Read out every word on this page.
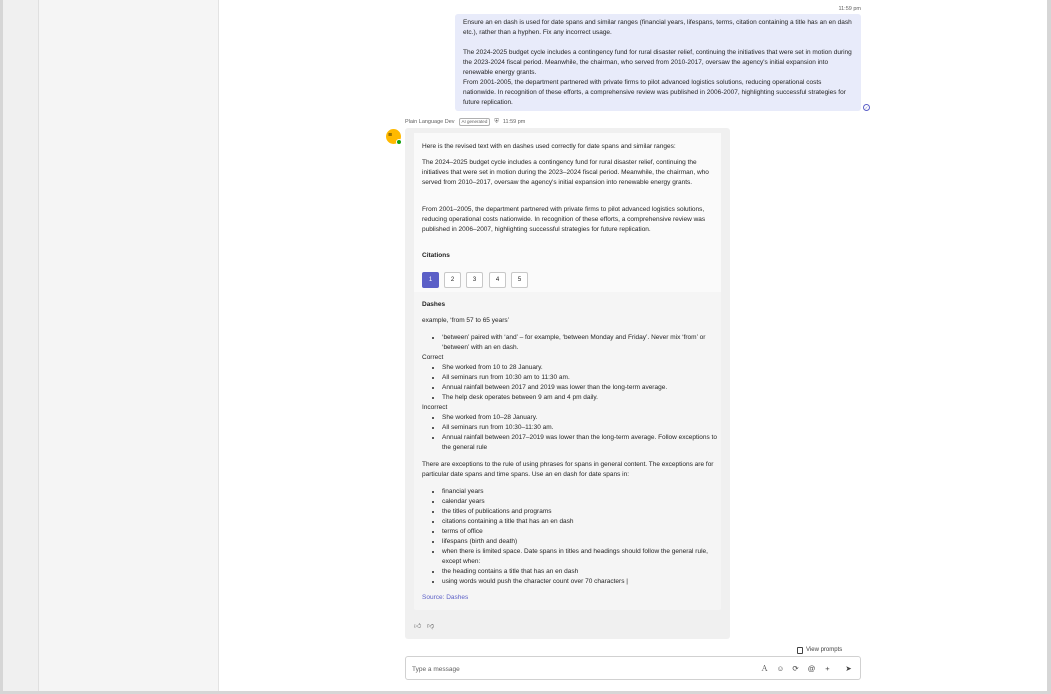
11:59 pm

Ensure an en dash is used for date spans and similar ranges (financial years, lifespans, terms, citation containing a title has an en dash etc.), rather than a hyphen. Fix any incorrect usage.

The 2024-2025 budget cycle includes a contingency fund for rural disaster relief, continuing the initiatives that were set in motion during the 2023-2024 fiscal period. Meanwhile, the chairman, who served from 2010-2017, oversaw the agency's initial expansion into renewable energy grants.

From 2001-2005, the department partnered with private firms to pilot advanced logistics solutions, reducing operational costs nationwide. In recognition of these efforts, a comprehensive review was published in 2006-2007, highlighting successful strategies for future replication.

✓
≡
Plain Language Dev	AI generated	⛨ 11:59 pm
Here is the revised text with en dashes used correctly for date spans and similar ranges:
The 2024–2025 budget cycle includes a contingency fund for rural disaster relief, continuing the initiatives that were set in motion during the 2023–2024 fiscal period. Meanwhile, the chairman, who served from 2010–2017, oversaw the agency's initial expansion into renewable energy grants.
From 2001–2005, the department partnered with private firms to pilot advanced logistics solutions, reducing operational costs nationwide. In recognition of these efforts, a comprehensive review was published in 2006–2007, highlighting successful strategies for future replication.
Citations
1	2	3	4	5
Dashes
example, ‘from 57 to 65 years’
• ‘between’ paired with ‘and’ – for example, ‘between Monday and Friday’. Never mix ‘from’ or ‘between’ with an en dash.
Correct
• She worked from 10 to 28 January.
• All seminars run from 10:30 am to 11:30 am.
• Annual rainfall between 2017 and 2019 was lower than the long-term average.
• The help desk operates between 9 am and 4 pm daily.
Incorrect
• She worked from 10–28 January.
• All seminars run from 10:30–11:30 am.
• Annual rainfall between 2017–2019 was lower than the long-term average. Follow exceptions to the general rule
There are exceptions to the rule of using phrases for spans in general content. The exceptions are for particular date spans and time spans. Use an en dash for date spans in:
• financial years
• calendar years
• the titles of publications and programs
• citations containing a title that has an en dash
• terms of office
• lifespans (birth and death)
• when there is limited space. Date spans in titles and headings should follow the general rule, except when:
• the heading contains a title that has an en dash
• using words would push the character count over 70 characters |
Source: Dashes
👍︎ 👎︎
View prompts
Type a message
Ａ ☺	⟳	@	+	➤
